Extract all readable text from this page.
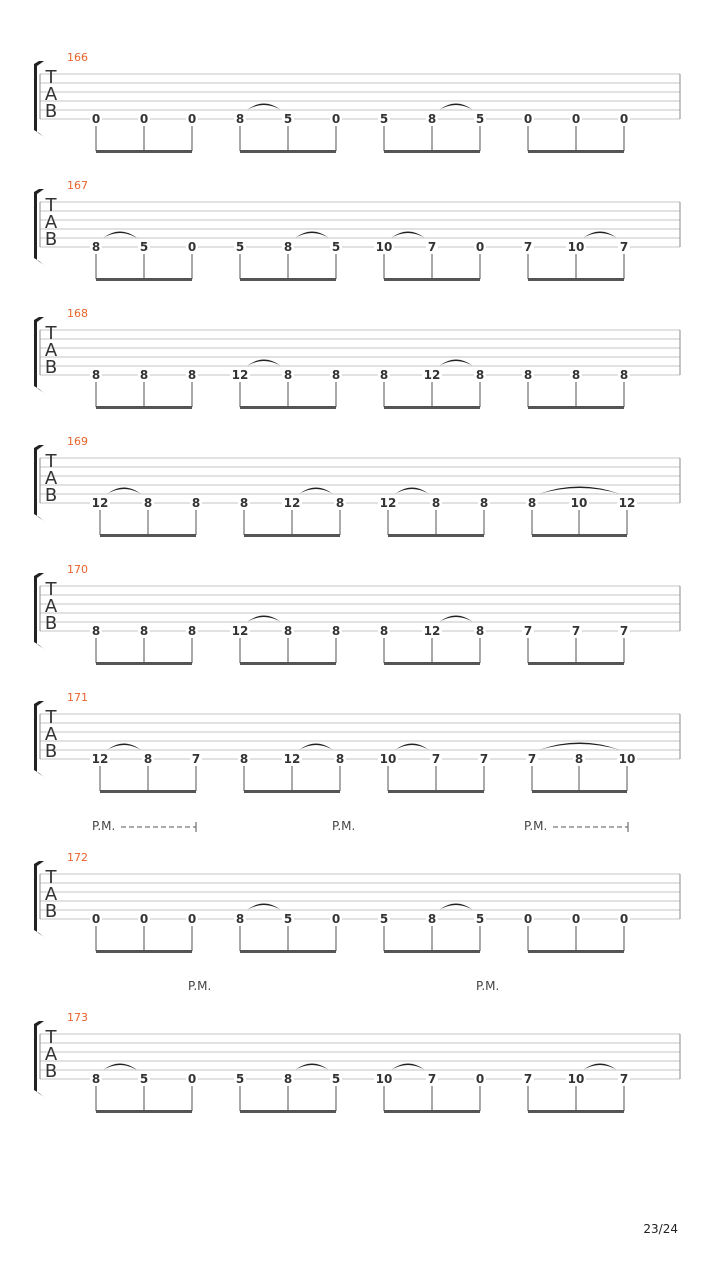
T
A
B
166
0	0	0	8	5	0	5	8	5	0	0	0
T
A
B
167
8	5	0	5	8	5	10	7	0	7	10	7
T
A
B
168
8	8	8	12	8	8	8	12	8	8	8	8
T
A
B
169
12	8	8	8	12	8	12	8	8	8	10	12
T
A
B
170
8	8	8	12	8	8	8	12	8	7	7	7
T
A
B
171
12	8	7	8	12	8	10	7	7	7	8	10
T
A
B
172
0	0	0	8	5	0	5	8	5	0	0	0
P.M.	P.M.	P.M.
T
A
B
173
8	5	0	5	8	5	10	7	0	7	10	7
P.M.	P.M.
23/24
